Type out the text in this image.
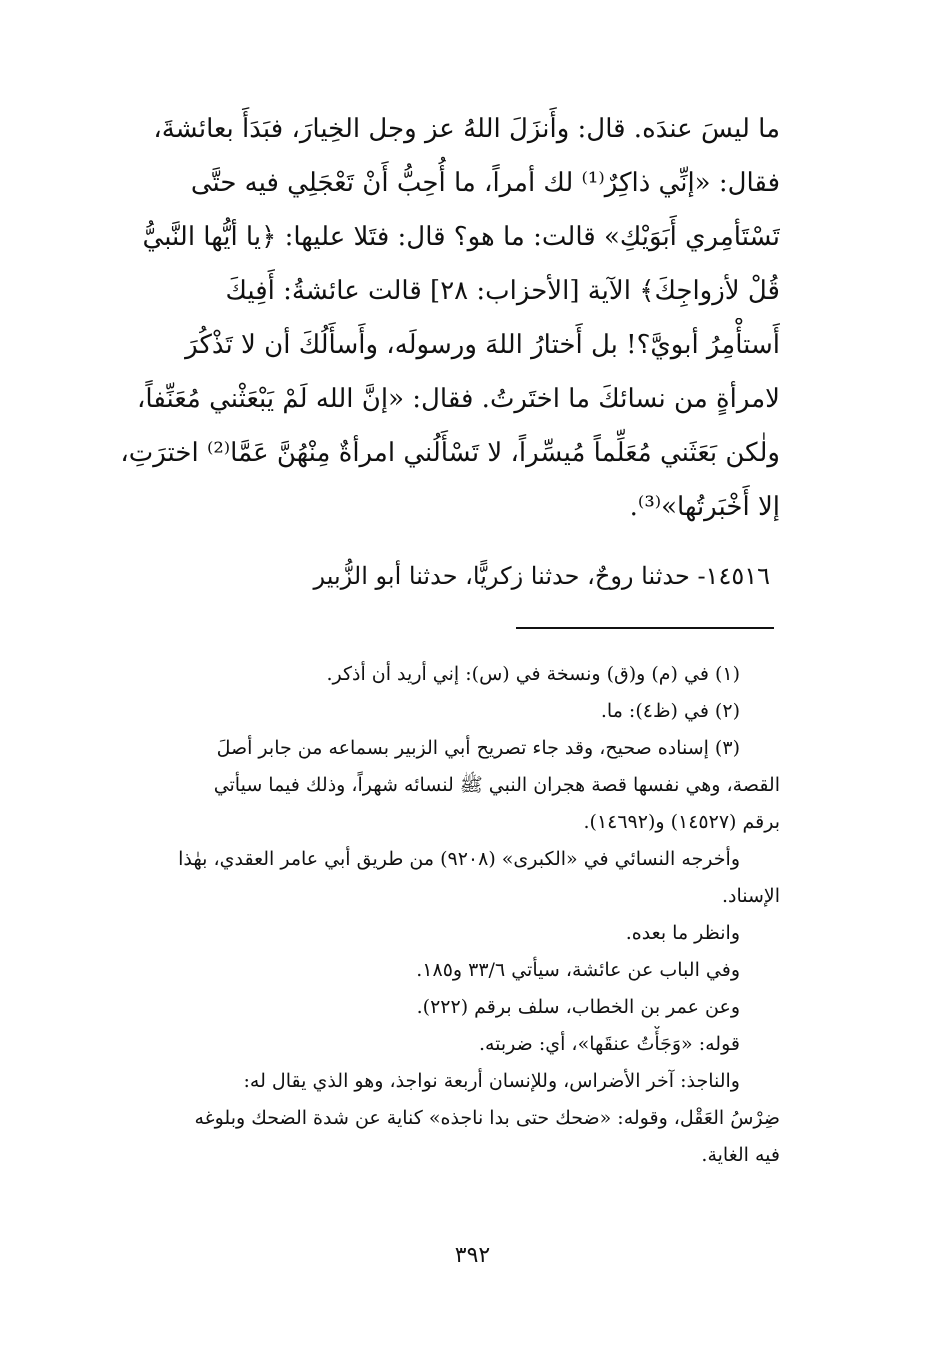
ما ليسَ عندَه. قال: وأَنزَلَ اللهُ عز وجل الخِيارَ، فبَدَأَ بعائشةَ،
فقال: «إنِّي ذاكِرٌ⁽¹⁾ لك أمراً، ما أُحِبُّ أَنْ تَعْجَلِي فيه حتَّى
تَسْتَأمِري أَبَوَيْكِ» قالت: ما هو؟ قال: فتَلا عليها: ﴿يا أيُّها النَّبيُّ
قُلْ لأزواجِكَ﴾ الآية [الأحزاب: ٢٨] قالت عائشةُ: أَفِيكَ
أَستأْمِرُ أبويَّ؟! بل أَختارُ اللهَ ورسولَه، وأَسأَلُكَ أن لا تَذْكُرَ
لامرأةٍ من نسائكَ ما اختَرتُ. فقال: «إنَّ الله لَمْ يَبْعَثْني مُعَنِّفاً،
ولٰكن بَعَثَني مُعَلِّماً مُيسِّراً، لا تَسْأَلُني امرأةٌ مِنْهُنَّ عَمَّا⁽²⁾ اخترَتِ،
إلا أَخْبَرتُها»⁽³⁾.
١٤٥١٦- حدثنا روحٌ، حدثنا زكريًّا، حدثنا أبو الزُّبير
(١) في (م) و(ق) ونسخة في (س): إني أريد أن أذكر.
(٢) في (ظ٤): ما.
(٣) إسناده صحيح، وقد جاء تصريح أبي الزبير بسماعه من جابر أصلَ
القصة، وهي نفسها قصة هجران النبي ﷺ لنسائه شهراً، وذلك فيما سيأتي
برقم (١٤٥٢٧) و(١٤٦٩٢).
وأخرجه النسائي في «الكبرى» (٩٢٠٨) من طريق أبي عامر العقدي، بهٰذا
الإسناد.
وانظر ما بعده.
وفي الباب عن عائشة، سيأتي ٣٣/٦ و١٨٥.
وعن عمر بن الخطاب، سلف برقم (٢٢٢).
قوله: «وَجَأْتُ عنقَها»، أي: ضربته.
والناجذ: آخر الأضراس، وللإنسان أربعة نواجذ، وهو الذي يقال له:
ضِرْسُ العَقْل، وقوله: «ضحك حتى بدا ناجذه» كناية عن شدة الضحك وبلوغه
فيه الغاية.
٣٩٢
